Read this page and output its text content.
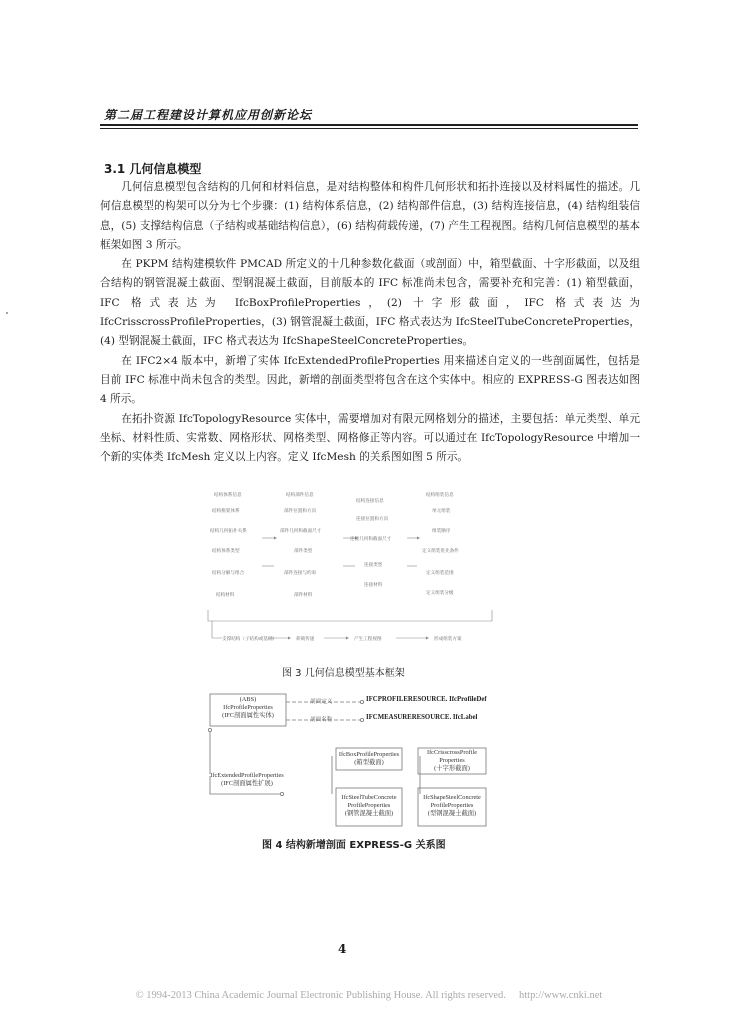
第二届工程建设计算机应用创新论坛
3.1 几何信息模型

几何信息模型包含结构的几何和材料信息，是对结构整体和构件几何形状和拓扑连接以及材料属性的描述。几何信息模型的构架可以分为七个步骤：(1) 结构体系信息，(2) 结构部件信息，(3) 结构连接信息，(4) 结构组装信息，(5) 支撑结构信息（子结构或基础结构信息），(6) 结构荷载传递，(7) 产生工程视图。结构几何信息模型的基本框架如图 3 所示。

在 PKPM 结构建模软件 PMCAD 所定义的十几种参数化截面（或剖面）中，箱型截面、十字形截面，以及组合结构的钢管混凝土截面、型钢混凝土截面，目前版本的 IFC 标准尚未包含，需要补充和完善：(1) 箱型截面，IFC 格式表达为 IfcBoxProfileProperties，(2) 十字形截面，IFC 格式表达为 IfcCrisscrossProfileProperties，(3) 钢管混凝土截面，IFC 格式表达为 IfcSteelTubeConcreteProperties，(4) 型钢混凝土截面，IFC 格式表达为 IfcShapeSteelConcreteProperties。

在 IFC2×4 版本中，新增了实体 IfcExtendedProfileProperties 用来描述自定义的一些剖面属性，包括是目前 IFC 标准中尚未包含的类型。因此，新增的剖面类型将包含在这个实体中。相应的 EXPRESS-G 图表达如图 4 所示。

在拓扑资源 IfcTopologyResource 实体中，需要增加对有限元网格划分的描述，主要包括：单元类型、单元坐标、材料性质、实常数、网格形状、网格类型、网格修正等内容。可以通过在 IfcTopologyResource 中增加一个新的实体类 IfcMesh 定义以上内容。定义 IfcMesh 的关系图如图 5 所示。

结构体系信息
结构框架体系
结构几何拓扑关系
结构体系类型
结构分解与组合
结构材料
结构部件信息
部件位置和方向
部件几何和截面尺寸
部件类型
部件连接与约束
部件材料
结构连接信息
连接位置和方向
连接几何和截面尺寸
连接类型
连接材料
结构组装信息
单元组装
组装顺序
定义组装优先条件
定义组装范围
定义组装分级
支撑结构（子结构或基础）	荷载传递	产生工程视图	形成组装方案
图 3 几何信息模型基本框架
(ABS)
IfcProfileProperties
(IFC剖面属性实体)
剖面定义	IFCPROFILERESOURCE. IfcProfileDef
剖面名称	IFCMEASURERESOURCE. IfcLabel
IfcExtendedProfileProperties
(IFC剖面属性扩展)
IfcBoxProfileProperties
(箱型截面)
IfcCrisscrossProfile
Properties
(十字形截面)
IfcSteelTubeConcrete
ProfileProperties
(钢管混凝土截面)
IfcShapeSteelConcrete
ProfileProperties
(型钢混凝土截面)
图 4 结构新增剖面 EXPRESS-G 关系图
4
© 1994-2013 China Academic Journal Electronic Publishing House. All rights reserved. http://www.cnki.net
